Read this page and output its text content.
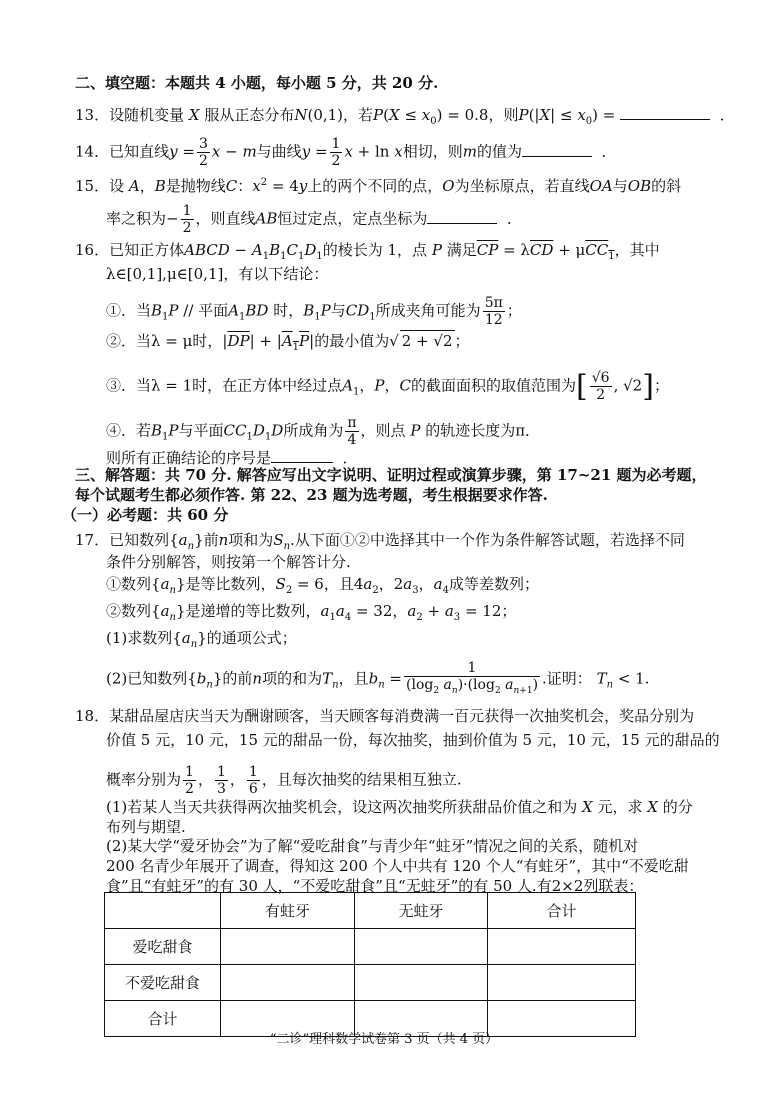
二、填空题：本题共 4 小题，每小题 5 分，共 20 分.
13．设随机变量 X 服从正态分布N(0,1)，若$P(X \le x_0) = 0.8$，则$P(|X| \le x_0)$ =	．
14．已知直线$y = \frac{3}{2}$ x − m与曲线$y = \frac{1}{2}$ x + ln x相切，则m的值为	．
15．设 A，B是抛物线C：$x^2 = 4y$上的两个不同的点，O为坐标原点，若直线OA与OB的斜
率之积为− $\frac{1}{2}$ ，则直线AB恒过定点，定点坐标为	．
16．已知正方体ABCD − $A_1B_1C_1D_1$的棱长为 1，点 P 满足$\overline{CP} = \lambda\overline{CD} + \mu CC_1$，其中
λ∈[0,1],μ∈[0,1]，有以下结论：
①．当$B_1P$ // 平面$A_1BD$ 时，$B_1P$与$CD_1$所成夹角可能为 $\frac{5\pi}{12}$ ；
②．当λ = μ时，$|\overline{DP}| + |A_1P|$的最小值为√ 2 + √2 ；
③．当λ = 1时，在正方体中经过点$A_1$，P，C的截面面积的取值范围为[ $\frac{√6}{2}$ , √2]；
④．若$B_1P$与平面$CC_1D_1D$所成角为 $\frac{\pi}{4}$ ，则点 P 的轨迹长度为π．
则所有正确结论的序号是	．
三、解答题：共 70 分. 解答应写出文字说明、证明过程或演算步骤，第 17~21 题为必考题，
每个试题考生都必须作答. 第 22、23 题为选考题，考生根据要求作答.
（一）必考题：共 60 分
17．已知数列$\{a_n\}$前n项和为$S_n$.从下面①②中选择其中一个作为条件解答试题，若选择不同
条件分别解答，则按第一个解答计分.
①数列$\{a_n\}$是等比数列，$S_2 = 6$，且$4a_2$，$2a_3$，$a_4$成等差数列；
②数列$\{a_n\}$是递增的等比数列，$a_1a_4 = 32$，$a_2 + a_3 = 12$；
(1)求数列$\{a_n\}$的通项公式；
(2)已知数列$\{b_n\}$的前n项的和为$T_n$，且$b_n = \frac{1}{(\log_2 a_n)\cdot(\log_2 a_{n+1})}$ .证明： $T_n < 1$.
18．某甜品屋店庆当天为酬谢顾客，当天顾客每消费满一百元获得一次抽奖机会，奖品分别为
价值 5 元，10 元，15 元的甜品一份，每次抽奖，抽到价值为 5 元，10 元，15 元的甜品的
概率分别为 $\frac{1}{2}$ ， $\frac{1}{3}$ ， $\frac{1}{6}$ ，且每次抽奖的结果相互独立.
(1)若某人当天共获得两次抽奖机会，设这两次抽奖所获甜品价值之和为 X 元，求 X 的分
布列与期望.
(2)某大学“爱牙协会”为了解“爱吃甜食”与青少年“蛀牙”情况之间的关系，随机对
200 名青少年展开了调查，得知这 200 个人中共有 120 个人“有蛀牙”，其中“不爱吃甜
食”且“有蛀牙”的有 30 人，“不爱吃甜食”且“无蛀牙”的有 50 人.有2×2列联表：
	有蛀牙	无蛀牙	合计
爱吃甜食			
不爱吃甜食			
合计			
“二诊”理科数学试卷第 3 页（共 4 页）
